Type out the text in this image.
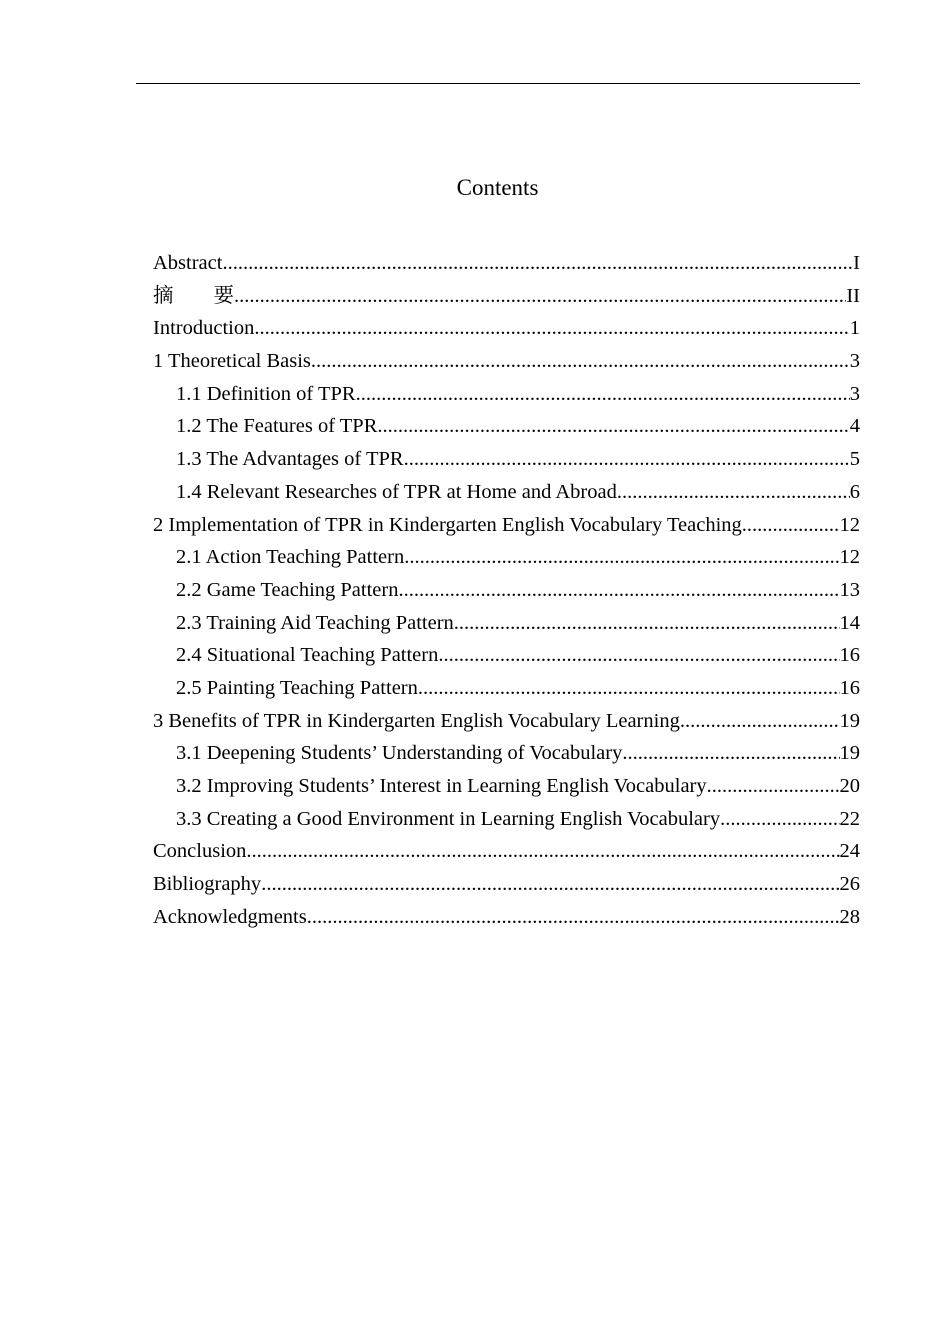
Contents
Abstract .....	I
摘要 .....	II
Introduction .....	1
1 Theoretical Basis .....	3
1.1 Definition of TPR .....	3
1.2 The Features of TPR .....	4
1.3 The Advantages of TPR .....	5
1.4 Relevant Researches of TPR at Home and Abroad .....	6
2 Implementation of TPR in Kindergarten English Vocabulary Teaching .....	12
2.1 Action Teaching Pattern .....	12
2.2 Game Teaching Pattern .....	13
2.3 Training Aid Teaching Pattern .....	14
2.4 Situational Teaching Pattern .....	16
2.5 Painting Teaching Pattern .....	16
3 Benefits of TPR in Kindergarten English Vocabulary Learning .....	19
3.1 Deepening Students’ Understanding of Vocabulary .....	19
3.2 Improving Students’ Interest in Learning English Vocabulary .....	20
3.3 Creating a Good Environment in Learning English Vocabulary .....	22
Conclusion .....	24
Bibliography .....	26
Acknowledgments .....	28
